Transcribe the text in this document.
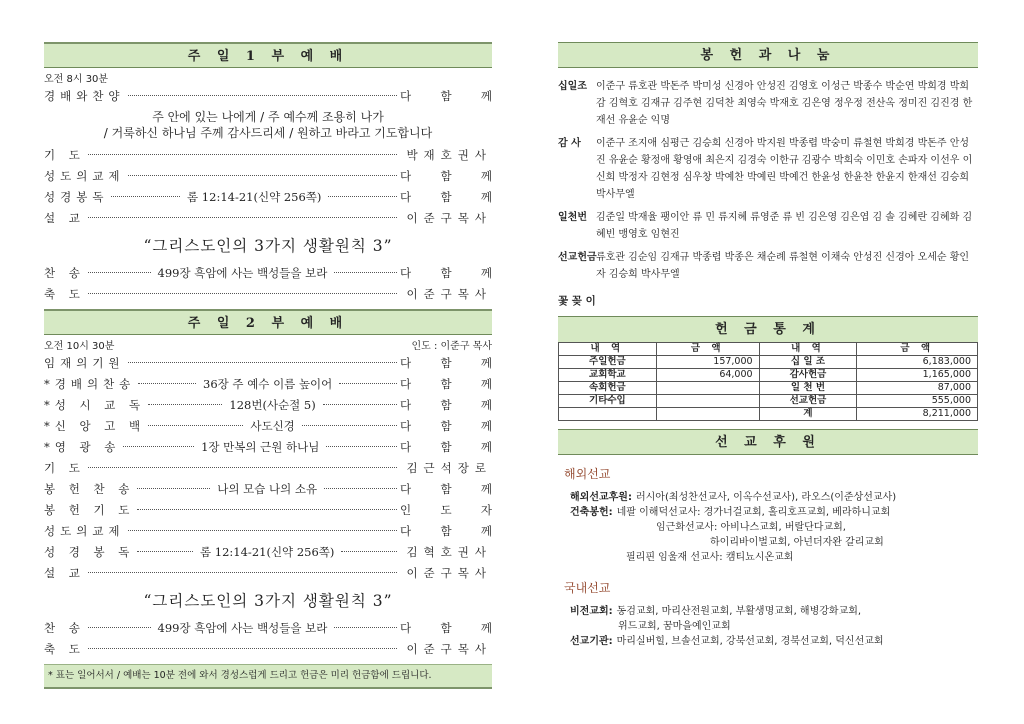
주 일 1 부 예 배
오전 8시 30분
경배와찬양	다	함	께
주 안에 있는 나에게 / 주 예수께 조용히 나가
/ 거룩하신 하나님 주께 감사드리세 / 원하고 바라고 기도합니다
기 도	박재호권사
성도의교제	다	함	께
성경봉독	롬 12:14-21(신약 256쪽)	다	함	께
설 교	이준구목사
“그리스도인의 3가지 생활원칙 3”
찬 송	499장 흑암에 사는 백성들을 보라	다	함	께
축 도	이준구목사
주 일 2 부 예 배
오전 10시 30분	인도 : 이준구 목사
임재의기원	다	함	께
*경배의찬송	36장 주 예수 이름 높이어	다	함	께
*성 시 교 독	128번(사순절 5)	다	함	께
*신 앙 고 백	사도신경	다	함	께
*영 광 송	1장 만복의 근원 하나님	다	함	께
기 도	김근석장로
봉 헌 찬 송	나의 모습 나의 소유	다	함	께
봉 헌 기 도	인	도	자
성도의교제	다	함	께
성 경 봉 독	롬 12:14-21(신약 256쪽)	김혁호권사
설 교	이준구목사
“그리스도인의 3가지 생활원칙 3”
찬 송	499장 흑암에 사는 백성들을 보라	다	함	께
축 도	이준구목사
* 표는 일어서서 / 예배는 10분 전에 와서 경성스럽게 드리고 헌금은 미리 헌금함에 드립니다.
봉 헌 과 나 눔
십일조 이준구 류호관 박돈주 박미성 신경아 안성진 김영호 이성근 박종수 박순연 박희경 박희감 김혁호 김재규 김주현 김덕찬 최영숙 박재호 김은영 정우정 전산옥 정미진 김진경 한재선 유윤순 익명
감 사	이준구 조지애 심평근 김승희 신경아 박지원 박종렵 박숭미 류철현 박희경 박돈주 안성진 유윤순 황정애 황영애 최은지 김경숙 이한규 김광수 박희숙 이민호 손파자 이선우 이신희 박정자 김현정 심우창 박예찬 박예린 박예건 한윤성 한윤찬 한윤지 한재선 김승희 박사무엘
일천번 김준일 박재율 팽이안 류 민 류지혜 류영준 류 빈 김은영 김은엽 김 솔 김혜란 김혜화 김혜빈 맹영호 임현진
선교헌금 류호관 김순임 김재규 박종렵 박종은 채순례 류철현 이채숙 안성진 신경아 오세순 황인자 김승희 박사무엘
꽃 꽂 이
헌 금 통 계
내 역	금 액	내 역	금 액
주일헌금	157,000	십 일 조	6,183,000
교회학교	64,000	감사헌금	1,165,000
속회헌금		일 천 번	87,000
기타수입		선교헌금	555,000
		계	8,211,000
선 교 후 원
해외선교
해외선교후원: 러시아(최성찬선교사, 이옥수선교사), 라오스(이준상선교사)
건축봉헌: 네팔 이해덕선교사: 경가너걸교회, 홀리호프교회, 베라하니교회
임근화선교사: 아비나스교회, 버랄단다교회,
하이리바이벌교회, 아넌더자완 갈리교회
필리핀 임울재 선교사: 캠티뇨시온교회
국내선교
비전교회: 동검교회, 마리산전원교회, 부활생명교회, 해병강화교회,
위드교회, 꿈마을예인교회
선교기관: 마리실버힐, 브솔선교회, 강북선교회, 경북선교회, 덕신선교회
